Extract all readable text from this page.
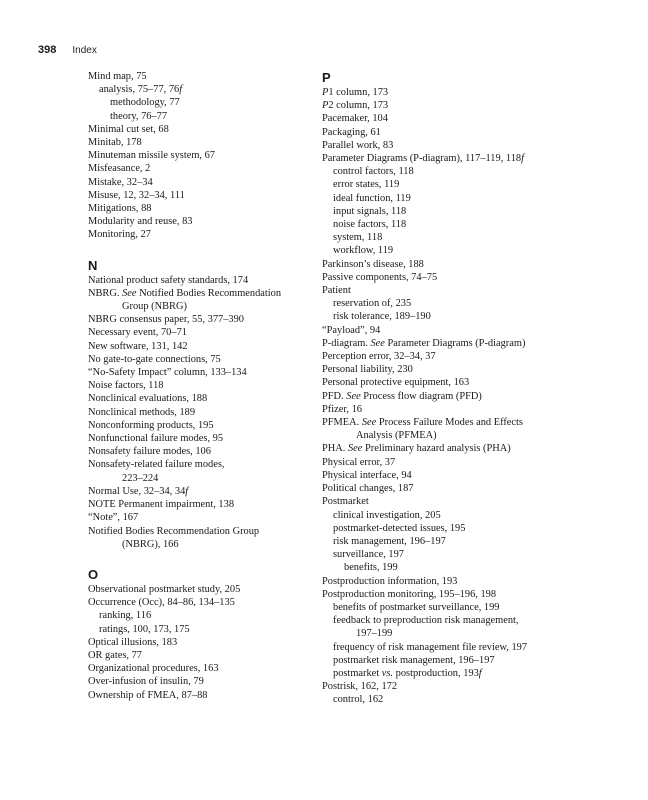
398 Index
Mind map, 75
analysis, 75–77, 76f
methodology, 77
theory, 76–77
Minimal cut set, 68
Minitab, 178
Minuteman missile system, 67
Misfeasance, 2
Mistake, 32–34
Misuse, 12, 32–34, 111
Mitigations, 88
Modularity and reuse, 83
Monitoring, 27
N
National product safety standards, 174
NBRG. See Notified Bodies Recommendation
Group (NBRG)
NBRG consensus paper, 55, 377–390
Necessary event, 70–71
New software, 131, 142
No gate-to-gate connections, 75
“No-Safety Impact” column, 133–134
Noise factors, 118
Nonclinical evaluations, 188
Nonclinical methods, 189
Nonconforming products, 195
Nonfunctional failure modes, 95
Nonsafety failure modes, 106
Nonsafety-related failure modes,
223–224
Normal Use, 32–34, 34f
NOTE Permanent impairment, 138
“Note”, 167
Notified Bodies Recommendation Group
(NBRG), 166
O
Observational postmarket study, 205
Occurrence (Occ), 84–86, 134–135
ranking, 116
ratings, 100, 173, 175
Optical illusions, 183
OR gates, 77
Organizational procedures, 163
Over-infusion of insulin, 79
Ownership of FMEA, 87–88
P
P1 column, 173
P2 column, 173
Pacemaker, 104
Packaging, 61
Parallel work, 83
Parameter Diagrams (P-diagram), 117–119, 118f
control factors, 118
error states, 119
ideal function, 119
input signals, 118
noise factors, 118
system, 118
workflow, 119
Parkinson’s disease, 188
Passive components, 74–75
Patient
reservation of, 235
risk tolerance, 189–190
“Payload”, 94
P-diagram. See Parameter Diagrams (P-diagram)
Perception error, 32–34, 37
Personal liability, 230
Personal protective equipment, 163
PFD. See Process flow diagram (PFD)
Pfizer, 16
PFMEA. See Process Failure Modes and Effects
Analysis (PFMEA)
PHA. See Preliminary hazard analysis (PHA)
Physical error, 37
Physical interface, 94
Political changes, 187
Postmarket
clinical investigation, 205
postmarket-detected issues, 195
risk management, 196–197
surveillance, 197
benefits, 199
Postproduction information, 193
Postproduction monitoring, 195–196, 198
benefits of postmarket surveillance, 199
feedback to preproduction risk management,
197–199
frequency of risk management file review, 197
postmarket risk management, 196–197
postmarket vs. postproduction, 193f
Postrisk, 162, 172
control, 162
